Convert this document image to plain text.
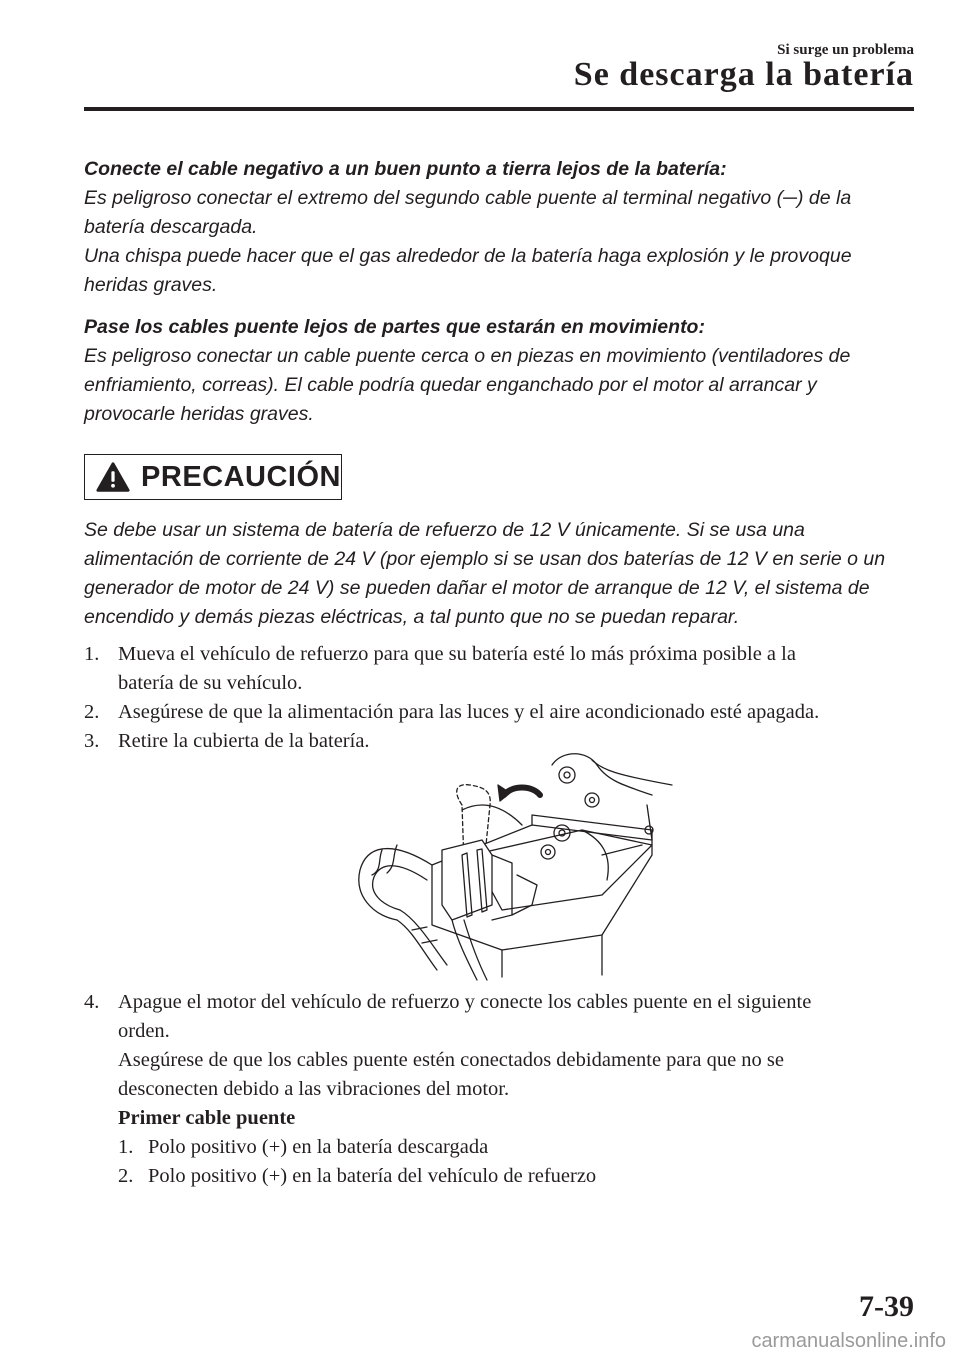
Si surge un problema
Se descarga la batería

Conecte el cable negativo a un buen punto a tierra lejos de la batería:

Es peligroso conectar el extremo del segundo cable puente al terminal negativo (─) de la

batería descargada.

Una chispa puede hacer que el gas alrededor de la batería haga explosión y le provoque

heridas graves.

Pase los cables puente lejos de partes que estarán en movimiento:

Es peligroso conectar un cable puente cerca o en piezas en movimiento (ventiladores de

enfriamiento, correas). El cable podría quedar enganchado por el motor al arrancar y

provocarle heridas graves.

PRECAUCIÓN

Se debe usar un sistema de batería de refuerzo de 12 V únicamente. Si se usa una

alimentación de corriente de 24 V (por ejemplo si se usan dos baterías de 12 V en serie o un

generador de motor de 24 V) se pueden dañar el motor de arranque de 12 V, el sistema de

encendido y demás piezas eléctricas, a tal punto que no se puedan reparar.

1. Mueva el vehículo de refuerzo para que su batería esté lo más próxima posible a la
batería de su vehículo.
2. Asegúrese de que la alimentación para las luces y el aire acondicionado esté apagada.
3. Retire la cubierta de la batería.
4. Apague el motor del vehículo de refuerzo y conecte los cables puente en el siguiente
orden.
Asegúrese de que los cables puente estén conectados debidamente para que no se
desconecten debido a las vibraciones del motor.
Primer cable puente
1. Polo positivo (+) en la batería descargada
2. Polo positivo (+) en la batería del vehículo de refuerzo
7-39
carmanualsonline.info
